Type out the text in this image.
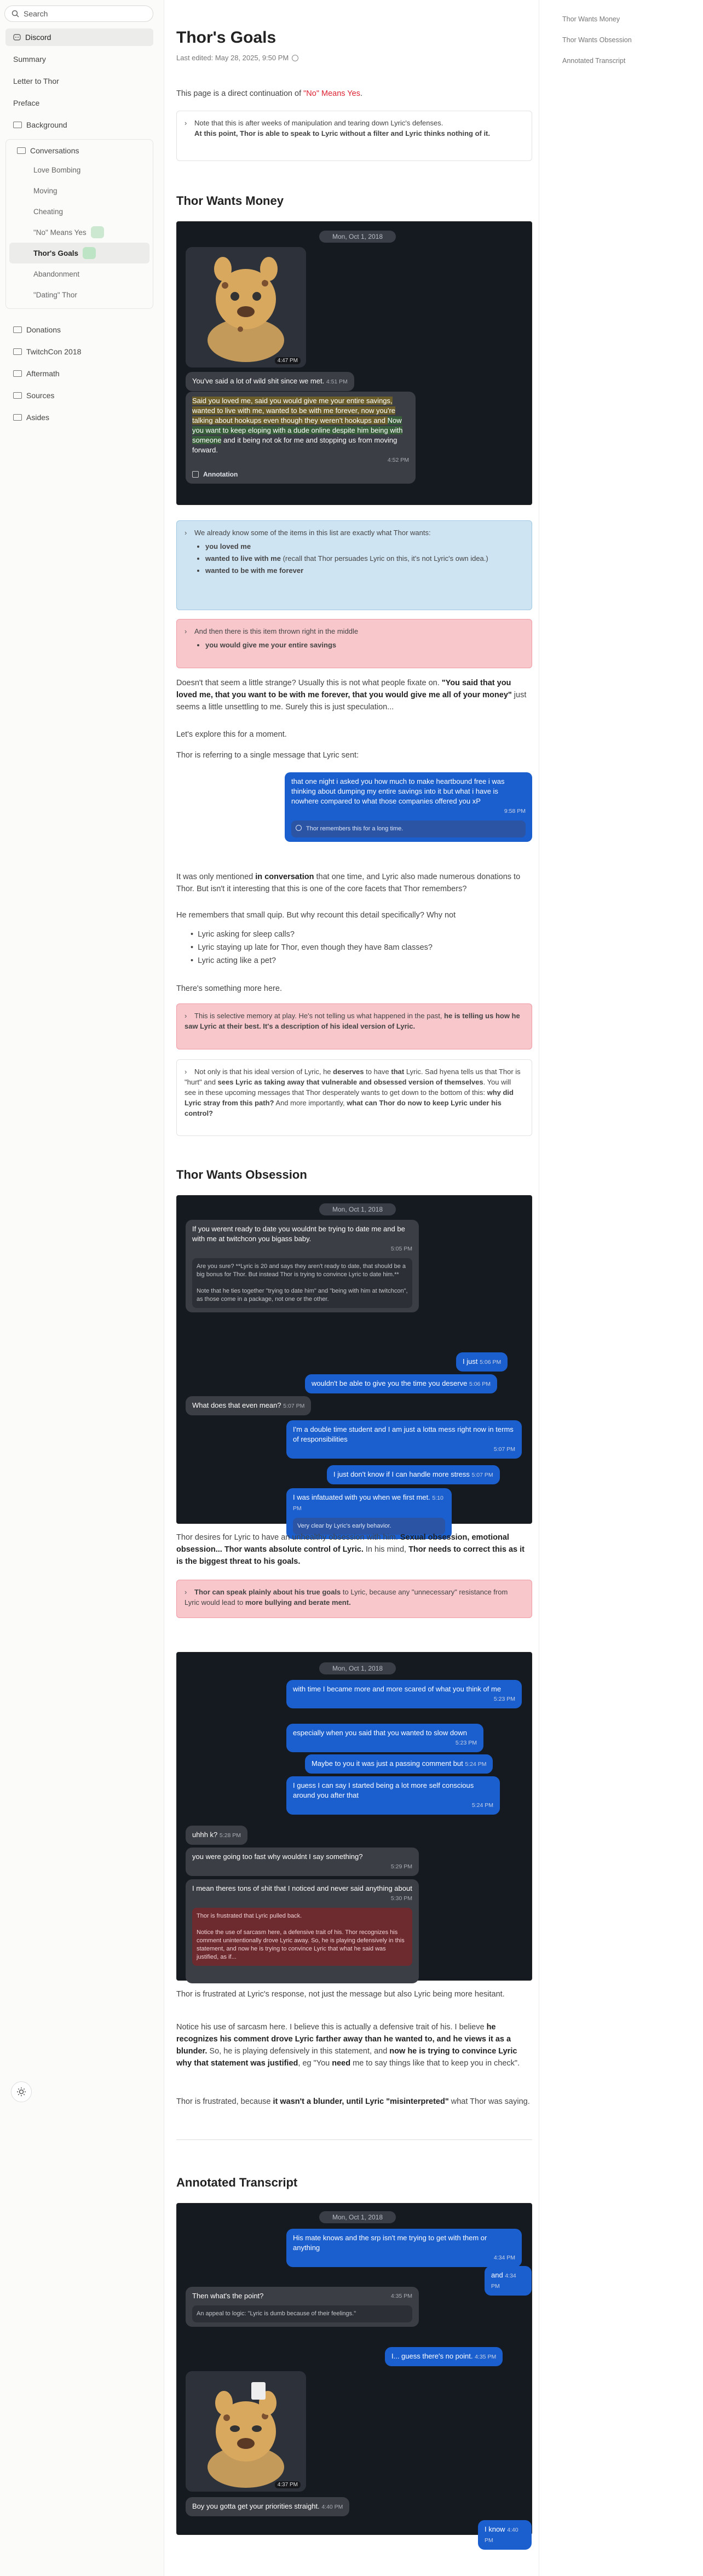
Search
Discord
Summary
Letter to Thor
Preface
Background
Conversations
Love Bombing
Moving
Cheating
"No" Means Yes
Thor's Goals
Abandonment
"Dating" Thor
Donations
TwitchCon 2018
Aftermath
Sources
Asides
Thor Wants Money
Thor Wants Obsession
Annotated Transcript
Thor's Goals
Last edited: May 28, 2025, 9:50 PM

This page is a direct continuation of "No" Means Yes.

› Note that this is after weeks of manipulation and tearing down Lyric's defenses.
At this point, Thor is able to speak to Lyric without a filter and Lyric thinks nothing of it.
Thor Wants Money
Mon, Oct 1, 2018
4:47 PM
You've said a lot of wild shit since we met. 4:51 PM
Said you loved me, said you would give me your entire savings, wanted to live with me, wanted to be with me forever, now you're talking about hookups even though they weren't hookups and Now you want to keep eloping with a dude online despite him being with someone and it being not ok for me and stopping us from moving forward.
4:52 PM
Annotation
› We already know some of the items in this list are exactly what Thor wants:
• you loved me
• wanted to live with me (recall that Thor persuades Lyric on this, it's not Lyric's own idea.)
• wanted to be with me forever
› And then there is this item thrown right in the middle
• you would give me your entire savings

Doesn't that seem a little strange? Usually this is not what people fixate on. "You said that you loved me, that you want to be with me forever, that you would give me all of your money" just seems a little unsettling to me. Surely this is just speculation...

Let's explore this for a moment.

Thor is referring to a single message that Lyric sent:

that one night i asked you how much to make heartbound free i was thinking about dumping my entire savings into it but what i have is nowhere compared to what those companies offered you xP
9:58 PM
Thor remembers this for a long time.

It was only mentioned in conversation that one time, and Lyric also made numerous donations to Thor. But isn't it interesting that this is one of the core facets that Thor remembers?

He remembers that small quip. But why recount this detail specifically? Why not

•  Lyric asking for sleep calls?
•  Lyric staying up late for Thor, even though they have 8am classes?
•  Lyric acting like a pet?

There's something more here.

› This is selective memory at play. He's not telling us what happened in the past, he is telling us how he saw Lyric at their best. It's a description of his ideal version of Lyric.
› Not only is that his ideal version of Lyric, he deserves to have that Lyric. Sad hyena tells us that Thor is "hurt" and sees Lyric as taking away that vulnerable and obsessed version of themselves. You will see in these upcoming messages that Thor desperately wants to get down to the bottom of this: why did Lyric stray from this path? And more importantly, what can Thor do now to keep Lyric under his control?
Thor Wants Obsession
Mon, Oct 1, 2018
If you werent ready to date you wouldnt be trying to date me and be with me at twitchcon you bigass baby.
5:05 PM
Are you sure? **Lyric is 20 and says they aren't ready to date, that should be a big bonus for Thor. But instead Thor is trying to convince Lyric to date him.**

Note that he ties together "trying to date him" and "being with him at twitchcon", as those come in a package, not one or the other.
I just 5:06 PM
wouldn't be able to give you the time you deserve 5:06 PM
What does that even mean? 5:07 PM
I'm a double time student and I am just a lotta mess right now in terms of responsibilities
5:07 PM
I just don't know if I can handle more stress 5:07 PM
I was infatuated with you when we first met. 5:10 PM
Very clear by Lyric's early behavior.

Thor desires for Lyric to have an unhealthy obsession with him. Sexual obsession, emotional obsession... Thor wants absolute control of Lyric. In his mind, Thor needs to correct this as it is the biggest threat to his goals.

› Thor can speak plainly about his true goals to Lyric, because any "unnecessary" resistance from Lyric would lead to more bullying and berate ment.
Mon, Oct 1, 2018
with time I became more and more scared of what you think of me
5:23 PM
especially when you said that you wanted to slow down
5:23 PM
Maybe to you it was just a passing comment but 5:24 PM
I guess I can say I started being a lot more self conscious around you after that
5:24 PM
uhhh k? 5:28 PM
you were going too fast why wouldnt I say something?
5:29 PM
I mean theres tons of shit that I noticed and never said anything about
5:30 PM
Thor is frustrated that Lyric pulled back.

Notice the use of sarcasm here, a defensive trait of his. Thor recognizes his comment unintentionally drove Lyric away. So, he is playing defensively in this statement, and now he is trying to convince Lyric that what he said was justified, as if...

Thor is frustrated at Lyric's response, not just the message but also Lyric being more hesitant.

Notice his use of sarcasm here. I believe this is actually a defensive trait of his. I believe he recognizes his comment drove Lyric farther away than he wanted to, and he views it as a blunder. So, he is playing defensively in this statement, and now he is trying to convince Lyric why that statement was justified, eg "You need me to say things like that to keep you in check".

Thor is frustrated, because it wasn't a blunder, until Lyric "misinterpreted" what Thor was saying.

Annotated Transcript
Mon, Oct 1, 2018
His mate knows and the srp isn't me trying to get with them or anything
4:34 PM
and 4:34 PM
Then what's the point?	4:35 PM
An appeal to logic: "Lyric is dumb because of their feelings."
I... guess there's no point. 4:35 PM
4:37 PM
Boy you gotta get your priorities straight. 4:40 PM
I know 4:40 PM
